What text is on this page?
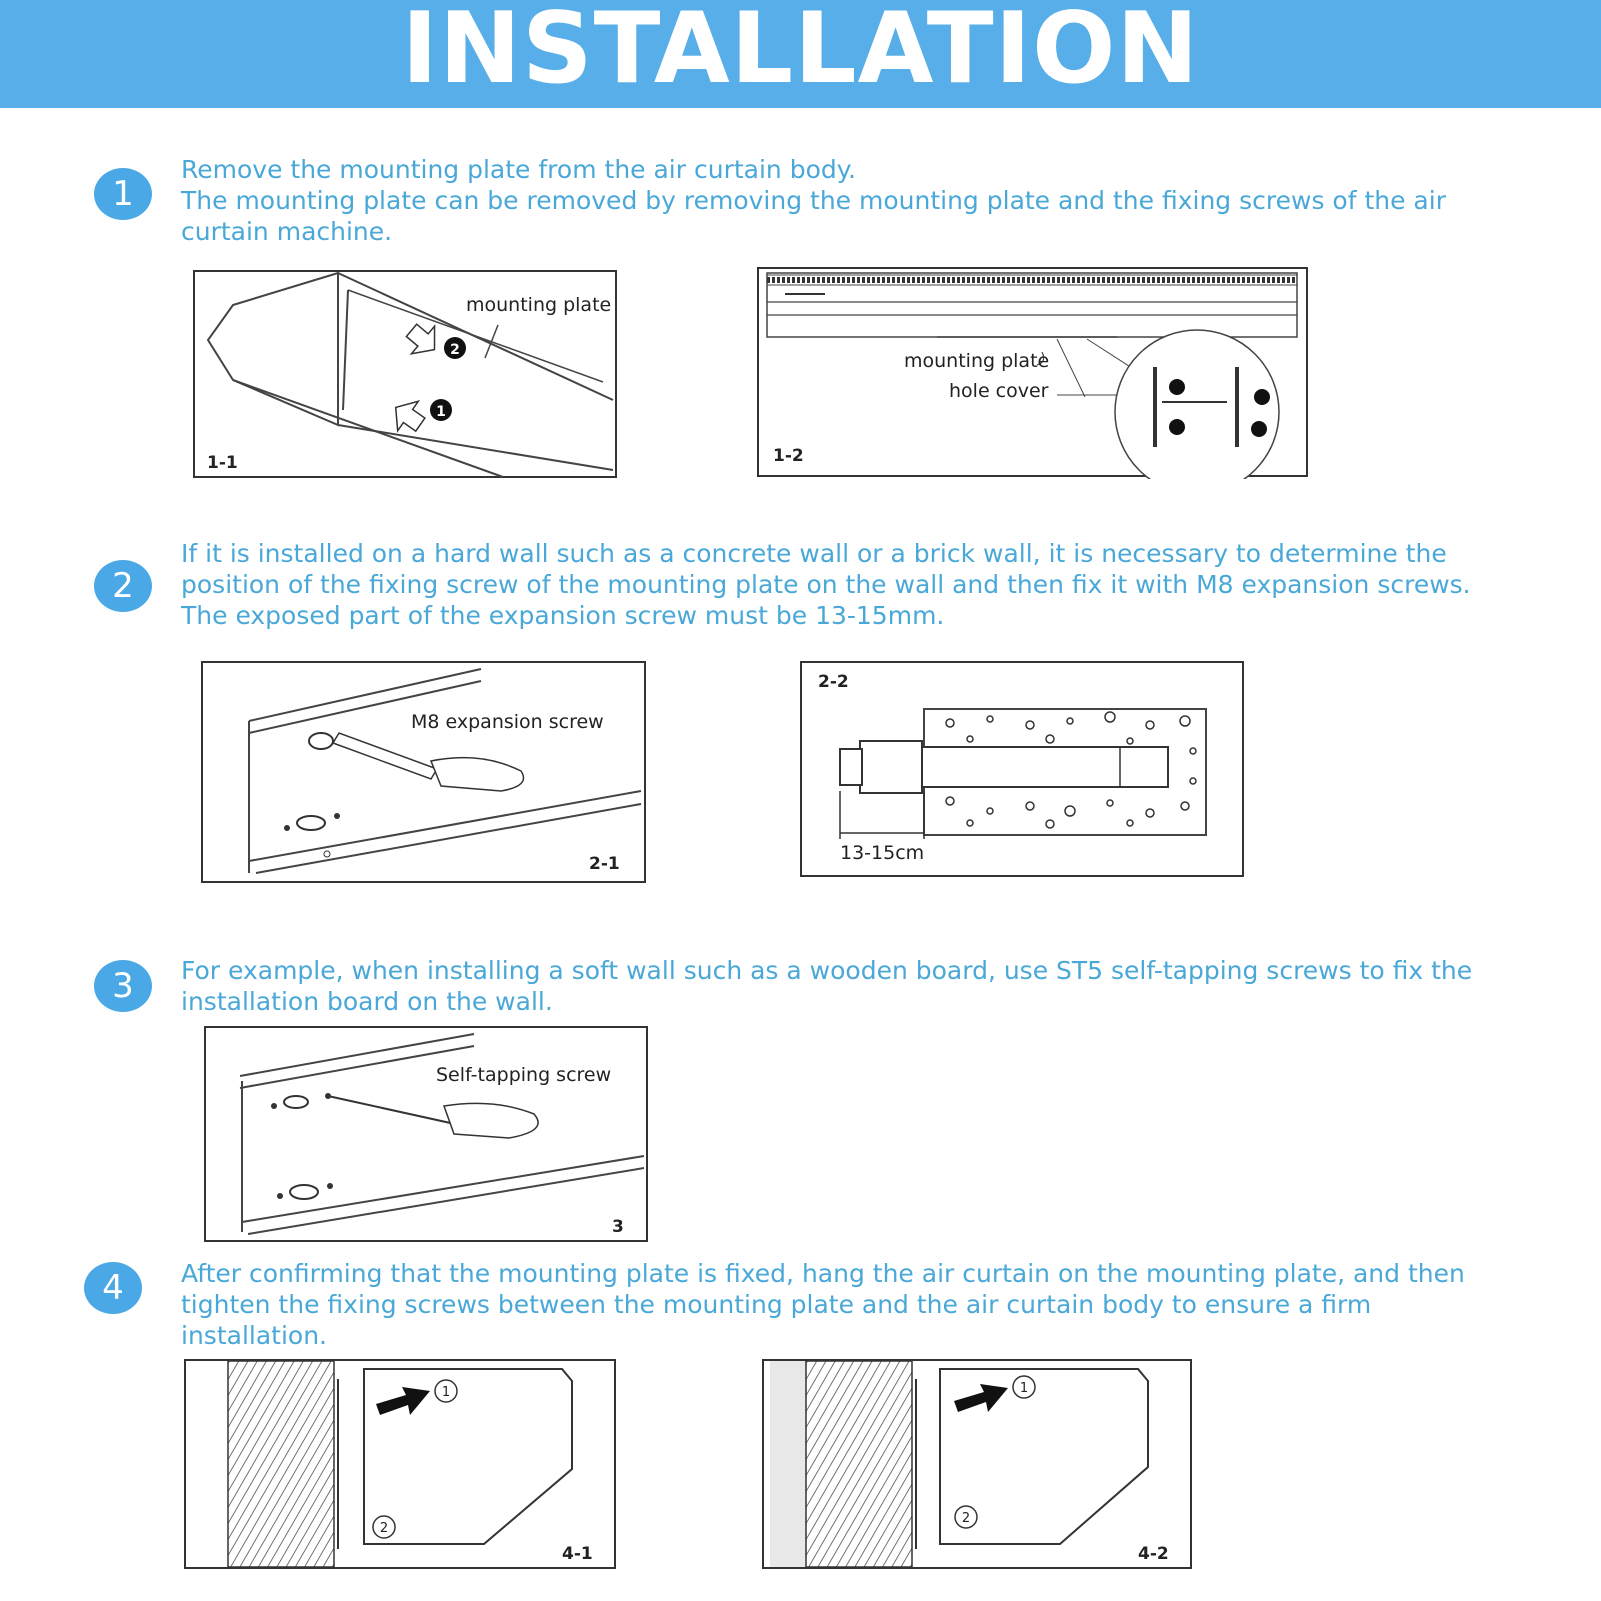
INSTALLATION
1

Remove the mounting plate from the air curtain body.

The mounting plate can be removed by removing the mounting plate and the fixing screws of the air curtain machine.

2
1
mounting plate
1-1
mounting plate
hole cover
1-2
2

If it is installed on a hard wall such as a concrete wall or a brick wall, it is necessary to determine the position of the fixing screw of the mounting plate on the wall and then fix it with M8 expansion screws. The exposed part of the expansion screw must be 13-15mm.

M8 expansion screw
2-1	13-15cm
2-2
3	For example, when installing a soft wall such as a wooden board, use ST5 self-tapping screws to fix the installation board on the wall.

Self-tapping screw
3
4	After confirming that the mounting plate is fixed, hang the air curtain on the mounting plate, and then tighten the fixing screws between the mounting plate and the air curtain body to ensure a firm installation.

1
2
4-1
1
2
4-2
